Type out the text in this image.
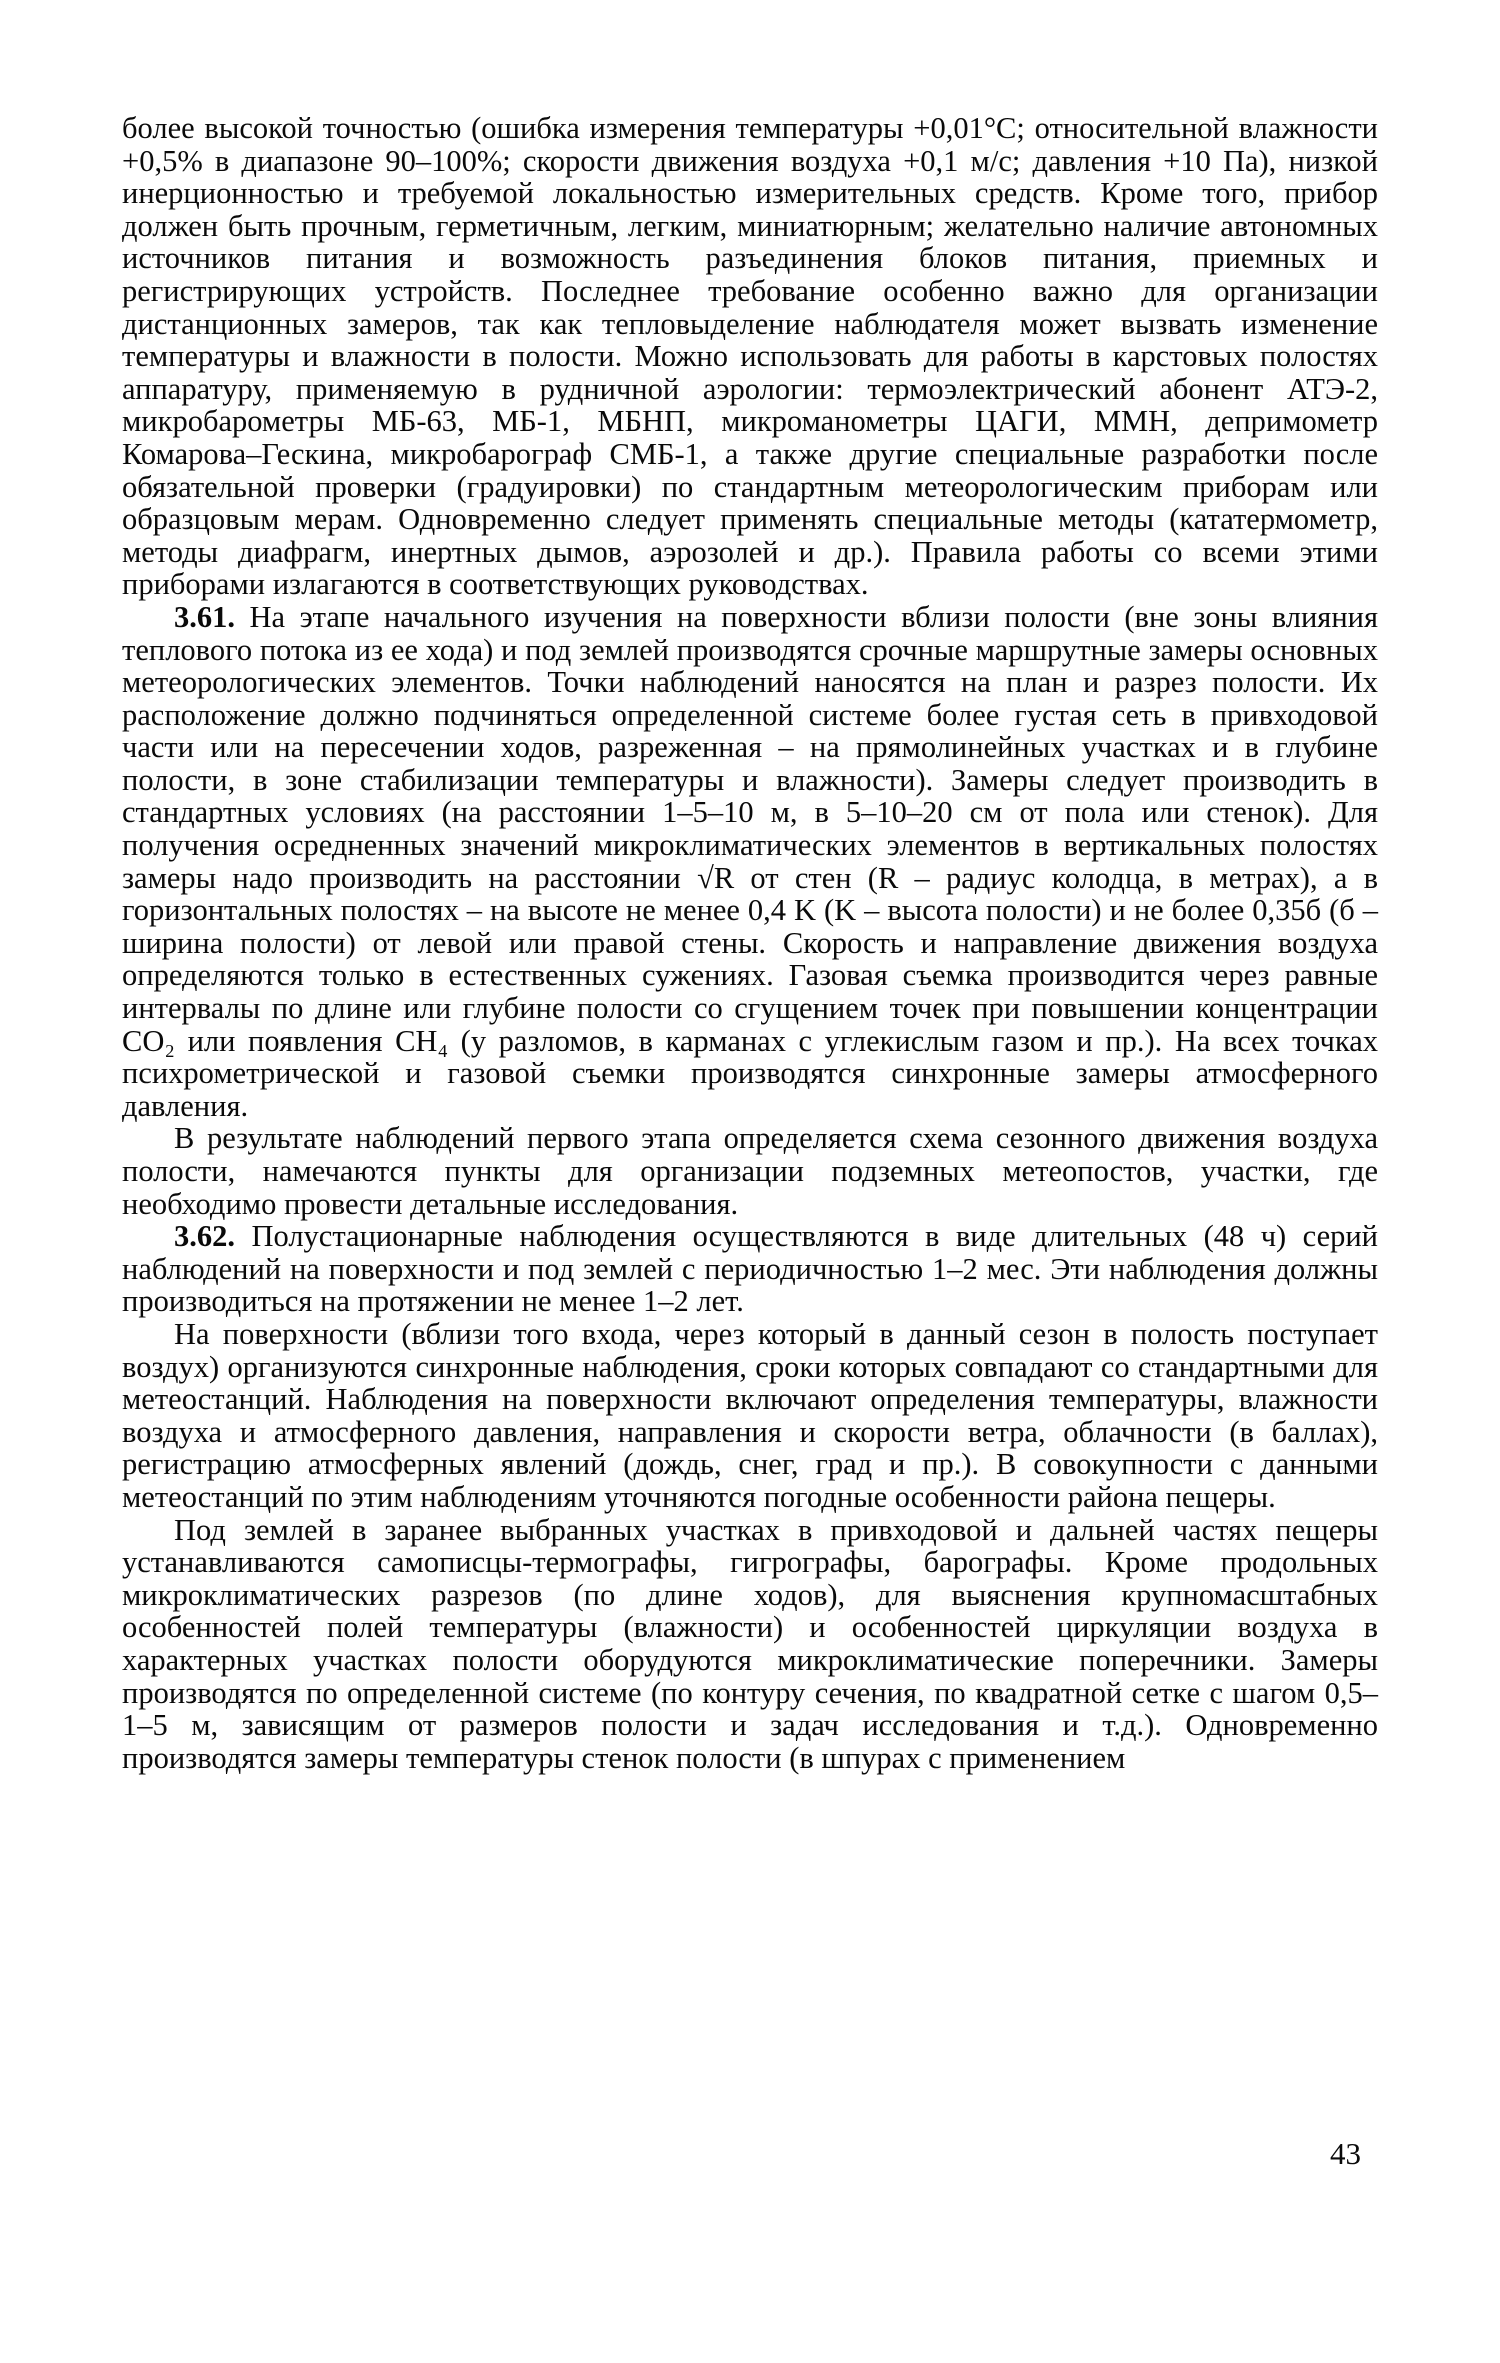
более высокой точностью (ошибка измерения температуры +0,01°С; относительной влажности +0,5% в диапазоне 90–100%; скорости движения воздуха +0,1 м/с; давления +10 Па), низкой инерционностью и требуемой локальностью измерительных средств. Кроме того, прибор должен быть прочным, герметичным, легким, миниатюрным; желательно наличие автономных источников питания и возможность разъединения блоков питания, приемных и регистрирующих устройств. Последнее требование особенно важно для организации дистанционных замеров, так как тепловыделение наблюдателя может вызвать изменение температуры и влажности в полости. Можно использовать для работы в карстовых полостях аппаратуру, применяемую в рудничной аэрологии: термоэлектрический абонент АТЭ-2, микробарометры МБ-63, МБ-1, МБНП, микроманометры ЦАГИ, ММН, депримометр Комарова–Гескина, микробарограф СМБ-1, а также другие специальные разработки после обязательной проверки (градуировки) по стандартным метеорологическим приборам или образцовым мерам. Одновременно следует применять специальные методы (кататермометр, методы диафрагм, инертных дымов, аэрозолей и др.). Правила работы со всеми этими приборами излагаются в соответствующих руководствах.

3.61. На этапе начального изучения на поверхности вблизи полости (вне зоны влияния теплового потока из ее хода) и под землей производятся срочные маршрутные замеры основных метеорологических элементов. Точки наблюдений наносятся на план и разрез полости. Их расположение должно подчиняться определенной системе более густая сеть в привходовой части или на пересечении ходов, разреженная – на прямолинейных участках и в глубине полости, в зоне стабилизации температуры и влажности). Замеры следует производить в стандартных условиях (на расстоянии 1–5–10 м, в 5–10–20 см от пола или стенок). Для получения осредненных значений микроклиматических элементов в вертикальных полостях замеры надо производить на расстоянии √R от стен (R – радиус колодца, в метрах), а в горизонтальных полостях – на высоте не менее 0,4 K (K – высота полости) и не более 0,35б (б – ширина полости) от левой или правой стены. Скорость и направление движения воздуха определяются только в естественных сужениях. Газовая съемка производится через равные интервалы по длине или глубине полости со сгущением точек при повышении концентрации CO₂ или появления CH₄ (у разломов, в карманах с углекислым газом и пр.). На всех точках психрометрической и газовой съемки производятся синхронные замеры атмосферного давления.

В результате наблюдений первого этапа определяется схема сезонного движения воздуха полости, намечаются пункты для организации подземных метеопостов, участки, где необходимо провести детальные исследования.

3.62. Полустационарные наблюдения осуществляются в виде длительных (48 ч) серий наблюдений на поверхности и под землей с периодичностью 1–2 мес. Эти наблюдения должны производиться на протяжении не менее 1–2 лет.

На поверхности (вблизи того входа, через который в данный сезон в полость поступает воздух) организуются синхронные наблюдения, сроки которых совпадают со стандартными для метеостанций. Наблюдения на поверхности включают определения температуры, влажности воздуха и атмосферного давления, направления и скорости ветра, облачности (в баллах), регистрацию атмосферных явлений (дождь, снег, град и пр.). В совокупности с данными метеостанций по этим наблюдениям уточняются погодные особенности района пещеры.

Под землей в заранее выбранных участках в привходовой и дальней частях пещеры устанавливаются самописцы-термографы, гигрографы, барографы. Кроме продольных микроклиматических разрезов (по длине ходов), для выяснения крупномасштабных особенностей полей температуры (влажности) и особенностей циркуляции воздуха в характерных участках полости оборудуются микроклиматические поперечники. Замеры производятся по определенной системе (по контуру сечения, по квадратной сетке с шагом 0,5–1–5 м, зависящим от размеров полости и задач исследования и т.д.). Одновременно производятся замеры температуры стенок полости (в шпурах с применением

43
